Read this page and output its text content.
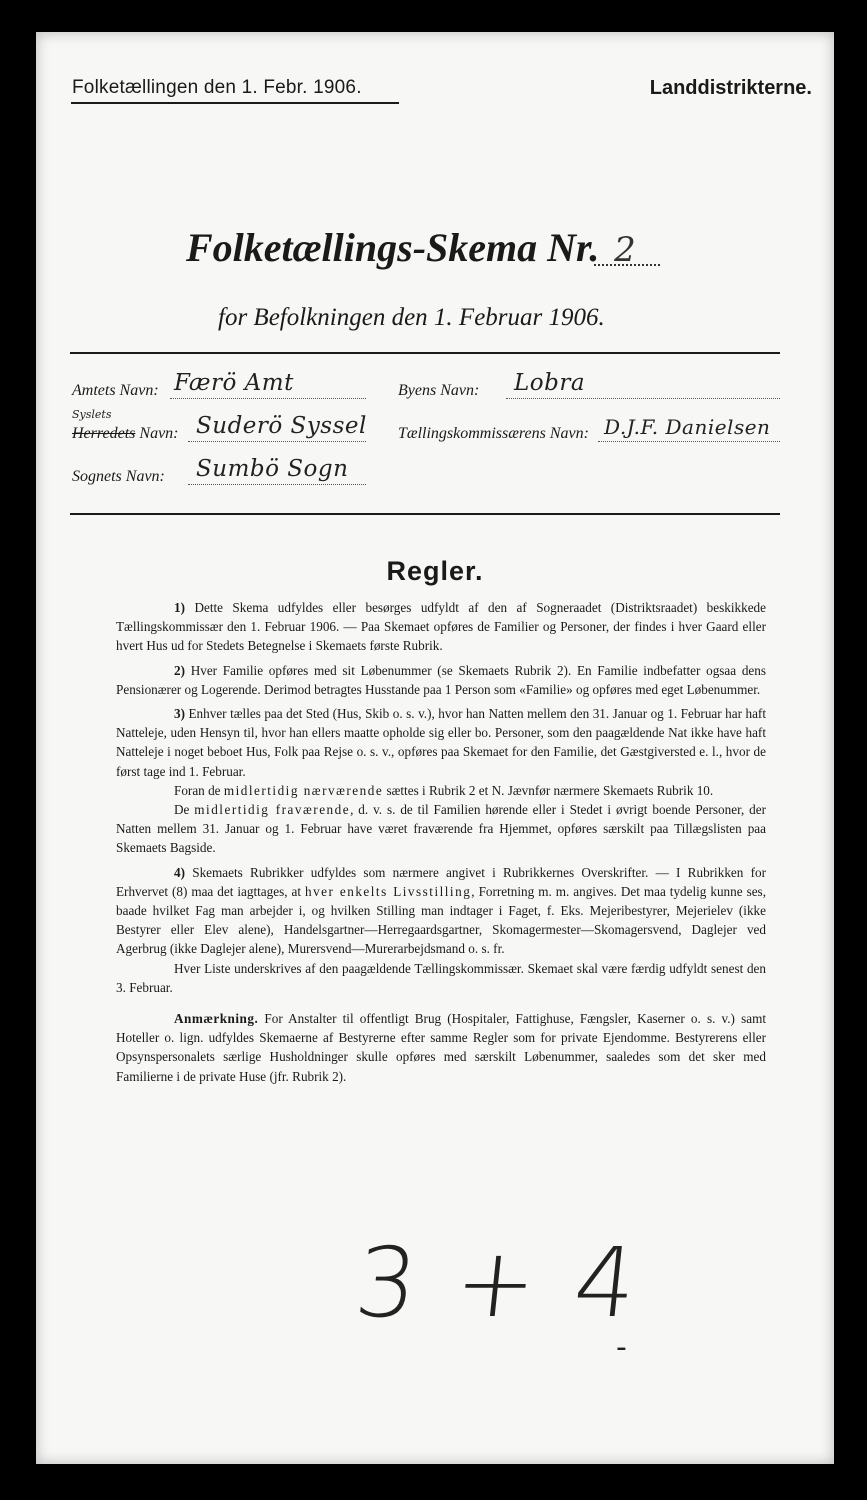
Folketællingen den 1. Febr. 1906.	Landdistrikterne.
Folketællings-Skema Nr. 2
for Befolkningen den 1. Februar 1906.
Amtets Navn: Færö Amt	Byens Navn: Lobra
Syslets
Herredets Navn: Suderö Syssel Tællingskommissærens Navn: D.J.F. Danielsen
Sognets Navn: Sumbö Sogn
Regler.

1) Dette Skema udfyldes eller besørges udfyldt af den af Sogneraadet (Distriktsraadet) beskikkede Tællingskommissær den 1. Februar 1906. — Paa Skemaet opføres de Familier og Personer, der findes i hver Gaard eller hvert Hus ud for Stedets Betegnelse i Skemaets første Rubrik.

2) Hver Familie opføres med sit Løbenummer (se Skemaets Rubrik 2). En Familie indbefatter ogsaa dens Pensionærer og Logerende. Derimod betragtes Husstande paa 1 Person som «Familie» og opføres med eget Løbenummer.

3) Enhver tælles paa det Sted (Hus, Skib o. s. v.), hvor han Natten mellem den 31. Januar og 1. Februar har haft Natteleje, uden Hensyn til, hvor han ellers maatte opholde sig eller bo. Personer, som den paagældende Nat ikke have haft Natteleje i noget beboet Hus, Folk paa Rejse o. s. v., opføres paa Skemaet for den Familie, det Gæstgiversted e. l., hvor de først tage ind 1. Februar.

Foran de midlertidig nærværende sættes i Rubrik 2 et N. Jævnfør nærmere Skemaets Rubrik 10.

De midlertidig fraværende, d. v. s. de til Familien hørende eller i Stedet i øvrigt boende Personer, der Natten mellem 31. Januar og 1. Februar have været fraværende fra Hjemmet, opføres særskilt paa Tillægslisten paa Skemaets Bagside.

4) Skemaets Rubrikker udfyldes som nærmere angivet i Rubrikkernes Overskrifter. — I Rubrikken for Erhvervet (8) maa det iagttages, at hver enkelts Livsstilling, Forretning m. m. angives. Det maa tydelig kunne ses, baade hvilket Fag man arbejder i, og hvilken Stilling man indtager i Faget, f. Eks. Mejeribestyrer, Mejerielev (ikke Bestyrer eller Elev alene), Handelsgartner—Herregaardsgartner, Skomagermester—Skomagersvend, Daglejer ved Agerbrug (ikke Daglejer alene), Murersvend—Murerarbejdsmand o. s. fr.

Hver Liste underskrives af den paagældende Tællingskommissær. Skemaet skal være færdig udfyldt senest den 3. Februar.

Anmærkning. For Anstalter til offentligt Brug (Hospitaler, Fattighuse, Fængsler, Kaserner o. s. v.) samt Hoteller o. lign. udfyldes Skemaerne af Bestyrerne efter samme Regler som for private Ejendomme. Bestyrerens eller Opsynspersonalets særlige Husholdninger skulle opføres med særskilt Løbenummer, saaledes som det sker med Familierne i de private Huse (jfr. Rubrik 2).

3 + 4
-
